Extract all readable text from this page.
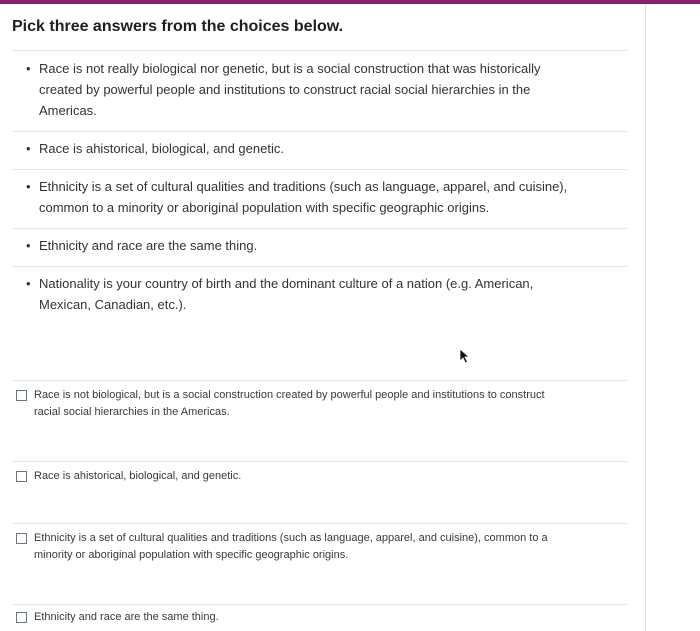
Pick three answers from the choices below.
• Race is not really biological nor genetic, but is a social construction that was historically
created by powerful people and institutions to construct racial social hierarchies in the
Americas.
• Race is ahistorical, biological, and genetic.
• Ethnicity is a set of cultural qualities and traditions (such as language, apparel, and cuisine),
common to a minority or aboriginal population with specific geographic origins.
• Ethnicity and race are the same thing.
• Nationality is your country of birth and the dominant culture of a nation (e.g. American,
Mexican, Canadian, etc.).
Race is not biological, but is a social construction created by powerful people and institutions to construct
racial social hierarchies in the Americas.
Race is ahistorical, biological, and genetic.
Ethnicity is a set of cultural qualities and traditions (such as language, apparel, and cuisine), common to a
minority or aboriginal population with specific geographic origins.
Ethnicity and race are the same thing.
